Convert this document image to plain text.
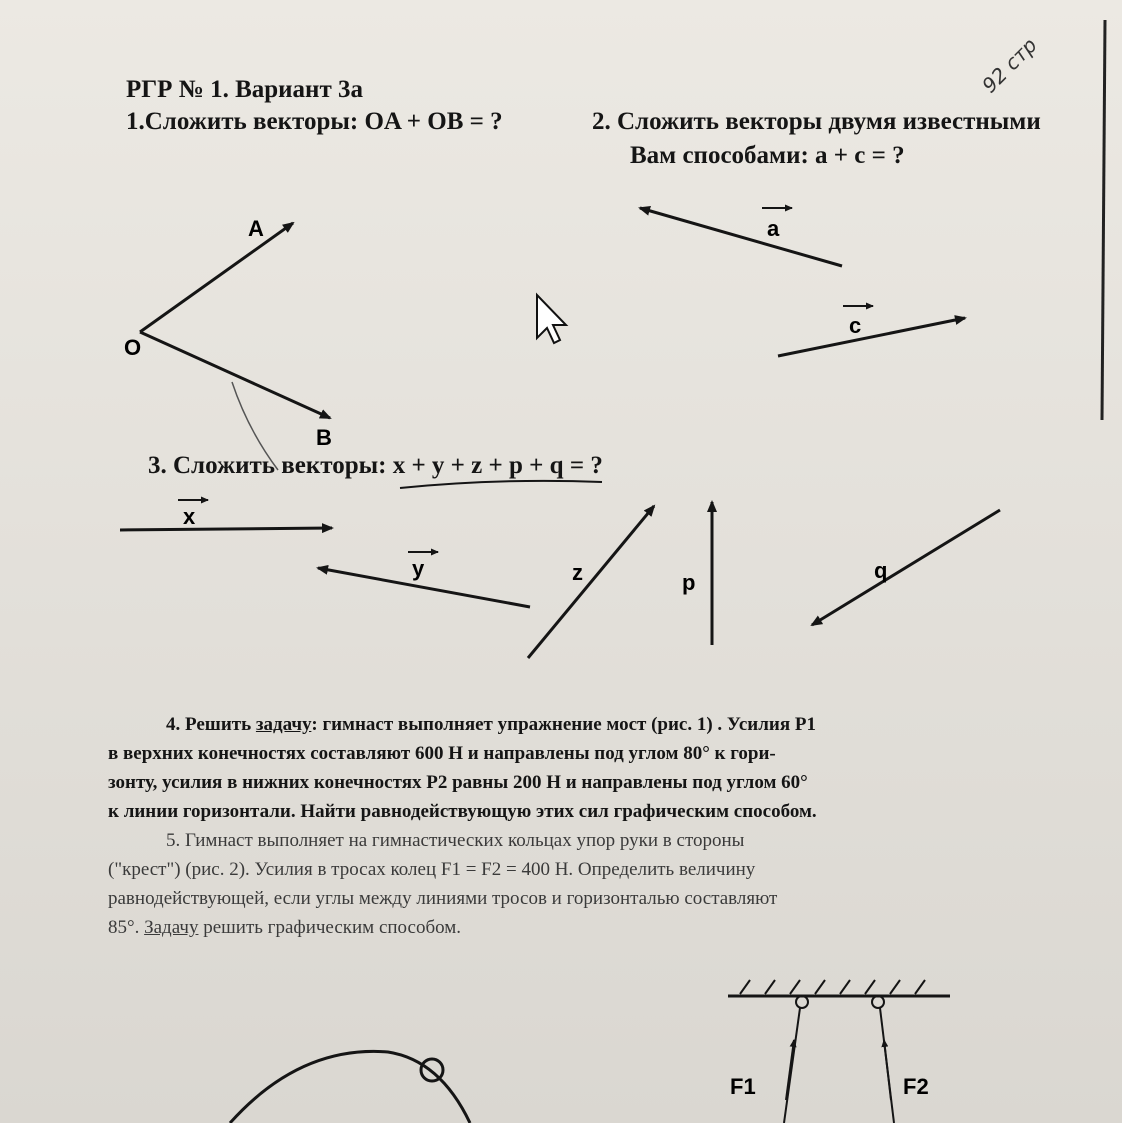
РГР № 1. Вариант 3а
1.Сложить векторы: OA + OB = ?	2. Сложить векторы двумя известными
Вам способами: a + c = ?
3. Сложить векторы: x + y + z + p + q = ?
4. Решить задачу: гимнаст выполняет упражнение мост (рис. 1) . Усилия Р1
в верхних конечностях составляют 600 Н и направлены под углом 80° к гори-
зонту, усилия в нижних конечностях Р2 равны 200 Н и направлены под углом 60°
к линии горизонтали. Найти равнодействующую этих сил графическим способом.
5. Гимнаст выполняет на гимнастических кольцах упор руки в стороны
("крест") (рис. 2). Усилия в тросах колец F1 = F2 = 400 Н. Определить величину
равнодействующей, если углы между линиями тросов и горизонталью составляют
85°. Задачу решить графическим способом.
92 стр
O
A
B
a
c
x
y	z	p	q
F1	F2
